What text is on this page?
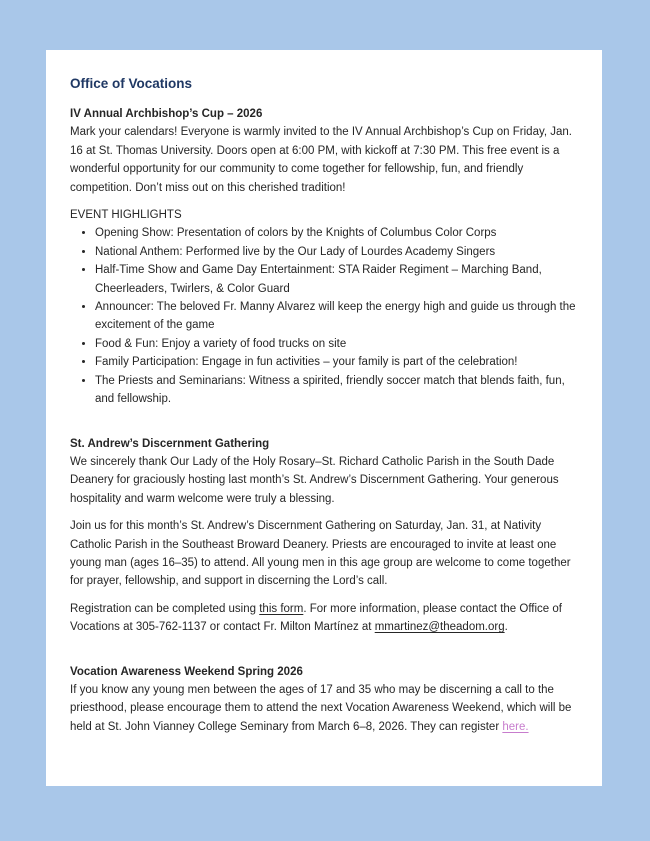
Office of Vocations
IV Annual Archbishop’s Cup – 2026

Mark your calendars! Everyone is warmly invited to the IV Annual Archbishop’s Cup on Friday, Jan. 16 at St. Thomas University. Doors open at 6:00 PM, with kickoff at 7:30 PM. This free event is a wonderful opportunity for our community to come together for fellowship, fun, and friendly competition. Don’t miss out on this cherished tradition!

EVENT HIGHLIGHTS

• Opening Show: Presentation of colors by the Knights of Columbus Color Corps
• National Anthem: Performed live by the Our Lady of Lourdes Academy Singers
• Half-Time Show and Game Day Entertainment: STA Raider Regiment – Marching Band, Cheerleaders, Twirlers, & Color Guard
• Announcer: The beloved Fr. Manny Alvarez will keep the energy high and guide us through the excitement of the game
• Food & Fun: Enjoy a variety of food trucks on site
• Family Participation: Engage in fun activities – your family is part of the celebration!
• The Priests and Seminarians: Witness a spirited, friendly soccer match that blends faith, fun, and fellowship.
St. Andrew’s Discernment Gathering

We sincerely thank Our Lady of the Holy Rosary–St. Richard Catholic Parish in the South Dade Deanery for graciously hosting last month’s St. Andrew’s Discernment Gathering. Your generous hospitality and warm welcome were truly a blessing.

Join us for this month’s St. Andrew’s Discernment Gathering on Saturday, Jan. 31, at Nativity Catholic Parish in the Southeast Broward Deanery. Priests are encouraged to invite at least one young man (ages 16–35) to attend. All young men in this age group are welcome to come together for prayer, fellowship, and support in discerning the Lord’s call.

Registration can be completed using this form. For more information, please contact the Office of Vocations at 305-762-1137 or contact Fr. Milton Martínez at mmartinez@theadom.org.

Vocation Awareness Weekend Spring 2026

If you know any young men between the ages of 17 and 35 who may be discerning a call to the priesthood, please encourage them to attend the next Vocation Awareness Weekend, which will be held at St. John Vianney College Seminary from March 6–8, 2026. They can register here.
